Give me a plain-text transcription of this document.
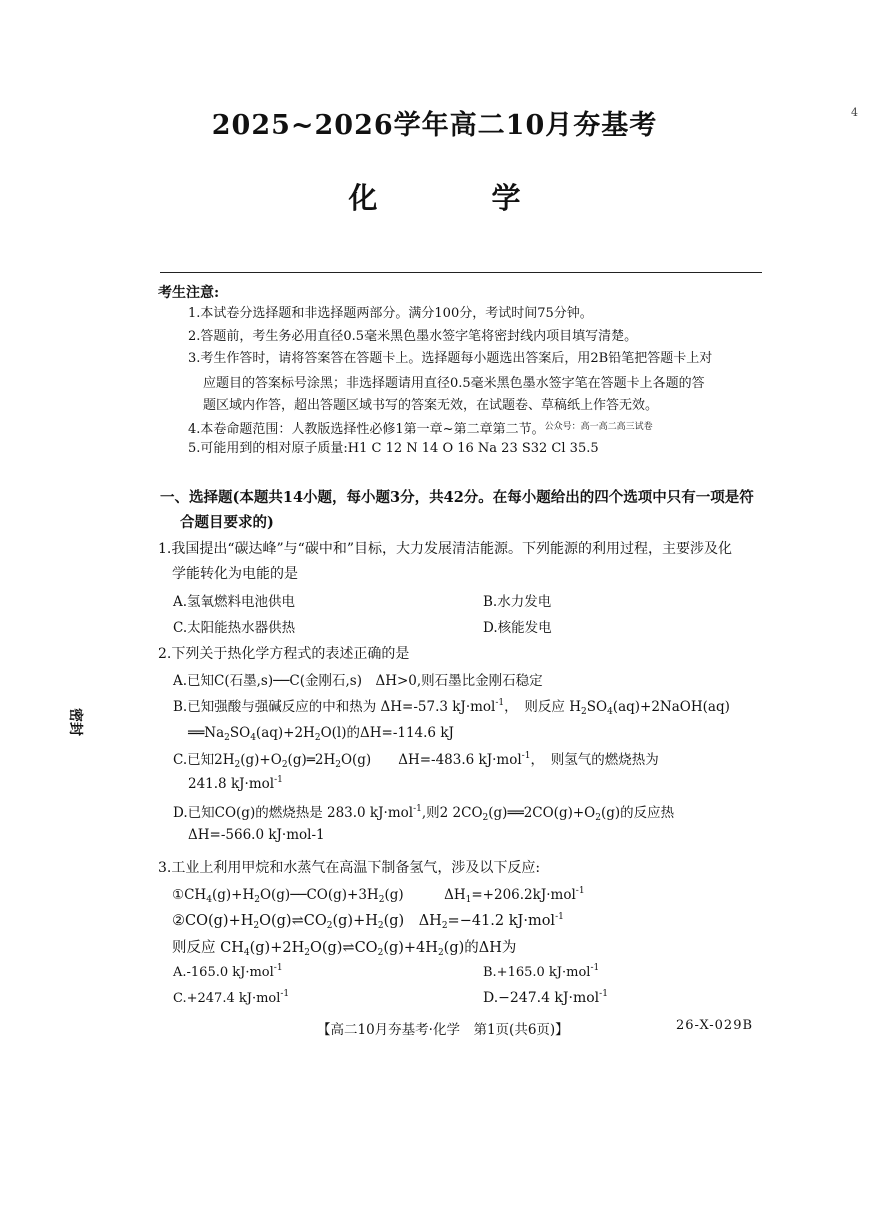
2025~2026学年高二10月夯基考	4
化 学
考生注意:
1.本试卷分选择题和非选择题两部分。满分100分，考试时间75分钟。
2.答题前，考生务必用直径0.5毫米黑色墨水签字笔将密封线内项目填写清楚。
3.考生作答时，请将答案答在答题卡上。选择题每小题选出答案后，用2B铅笔把答题卡上对
应题目的答案标号涂黑；非选择题请用直径0.5毫米黑色墨水签字笔在答题卡上各题的答
题区域内作答，超出答题区域书写的答案无效，在试题卷、草稿纸上作答无效。
4.本卷命题范围：人教版选择性必修1第一章~第二章第二节。$^{公众号:高一高二高三试卷}$
5.可能用到的相对原子质量:H1 C 12 N 14 O 16 Na 23 S32 Cl 35.5
一、选择题(本题共14小题，每小题3分，共42分。在每小题给出的四个选项中只有一项是符
合题目要求的)
1.我国提出“碳达峰”与“碳中和”目标，大力发展清洁能源。下列能源的利用过程，主要涉及化
学能转化为电能的是
A.氢氧燃料电池供电	B.水力发电
C.太阳能热水器供热	D.核能发电
2.下列关于热化学方程式的表述正确的是
A.已知C(石墨,s)──C(金刚石,s)　ΔH>0,则石墨比金刚石稳定
B.已知强酸与强碱反应的中和热为 ΔH=-57.3 kJ·mol$^{-1}$，　则反应 $H_2SO_4(aq)+2NaOH(aq)$
$══Na_2SO_4(aq)+2H_2O(l)$的ΔH=-114.6 kJ
C.已知$2H_2(g)+O_2(g)═2H_2O(g)$　　ΔH=-483.6 kJ·mol$^{-1}$，　则氢气的燃烧热为
241.8 kJ·mol$^{-1}$
D.已知CO(g)的燃烧热是 283.0 kJ·mol$^{-1}$,则2 $2CO_2(g)══2CO(g)+O_2(g)$的反应热
ΔH=-566.0 kJ·mol-1
3.工业上利用甲烷和水蒸气在高温下制备氢气，涉及以下反应:
$①CH_4(g)+H_2O(g)──CO(g)+3H_2(g)$　　　$\Delta H_1=+206.2kJ\cdot mol^{-1}$
$②CO(g)+H_2O(g)\rightleftharpoons CO_2(g)+H_2(g)$　$\Delta H_2=-41.2$ kJ·mol$^{-1}$
则反应 $CH_4(g)+2H_2O(g)\rightleftharpoons CO_2(g)+4H_2(g)$的ΔH为
A.-165.0 kJ·mol$^{-1}$	B.+165.0 kJ·mol$^{-1}$
C.+247.4 kJ·mol$^{-1}$	D.−247.4 kJ·mol$^{-1}$
【高二10月夯基考·化学　第1页(共6页)】	26-X-029B
密封
